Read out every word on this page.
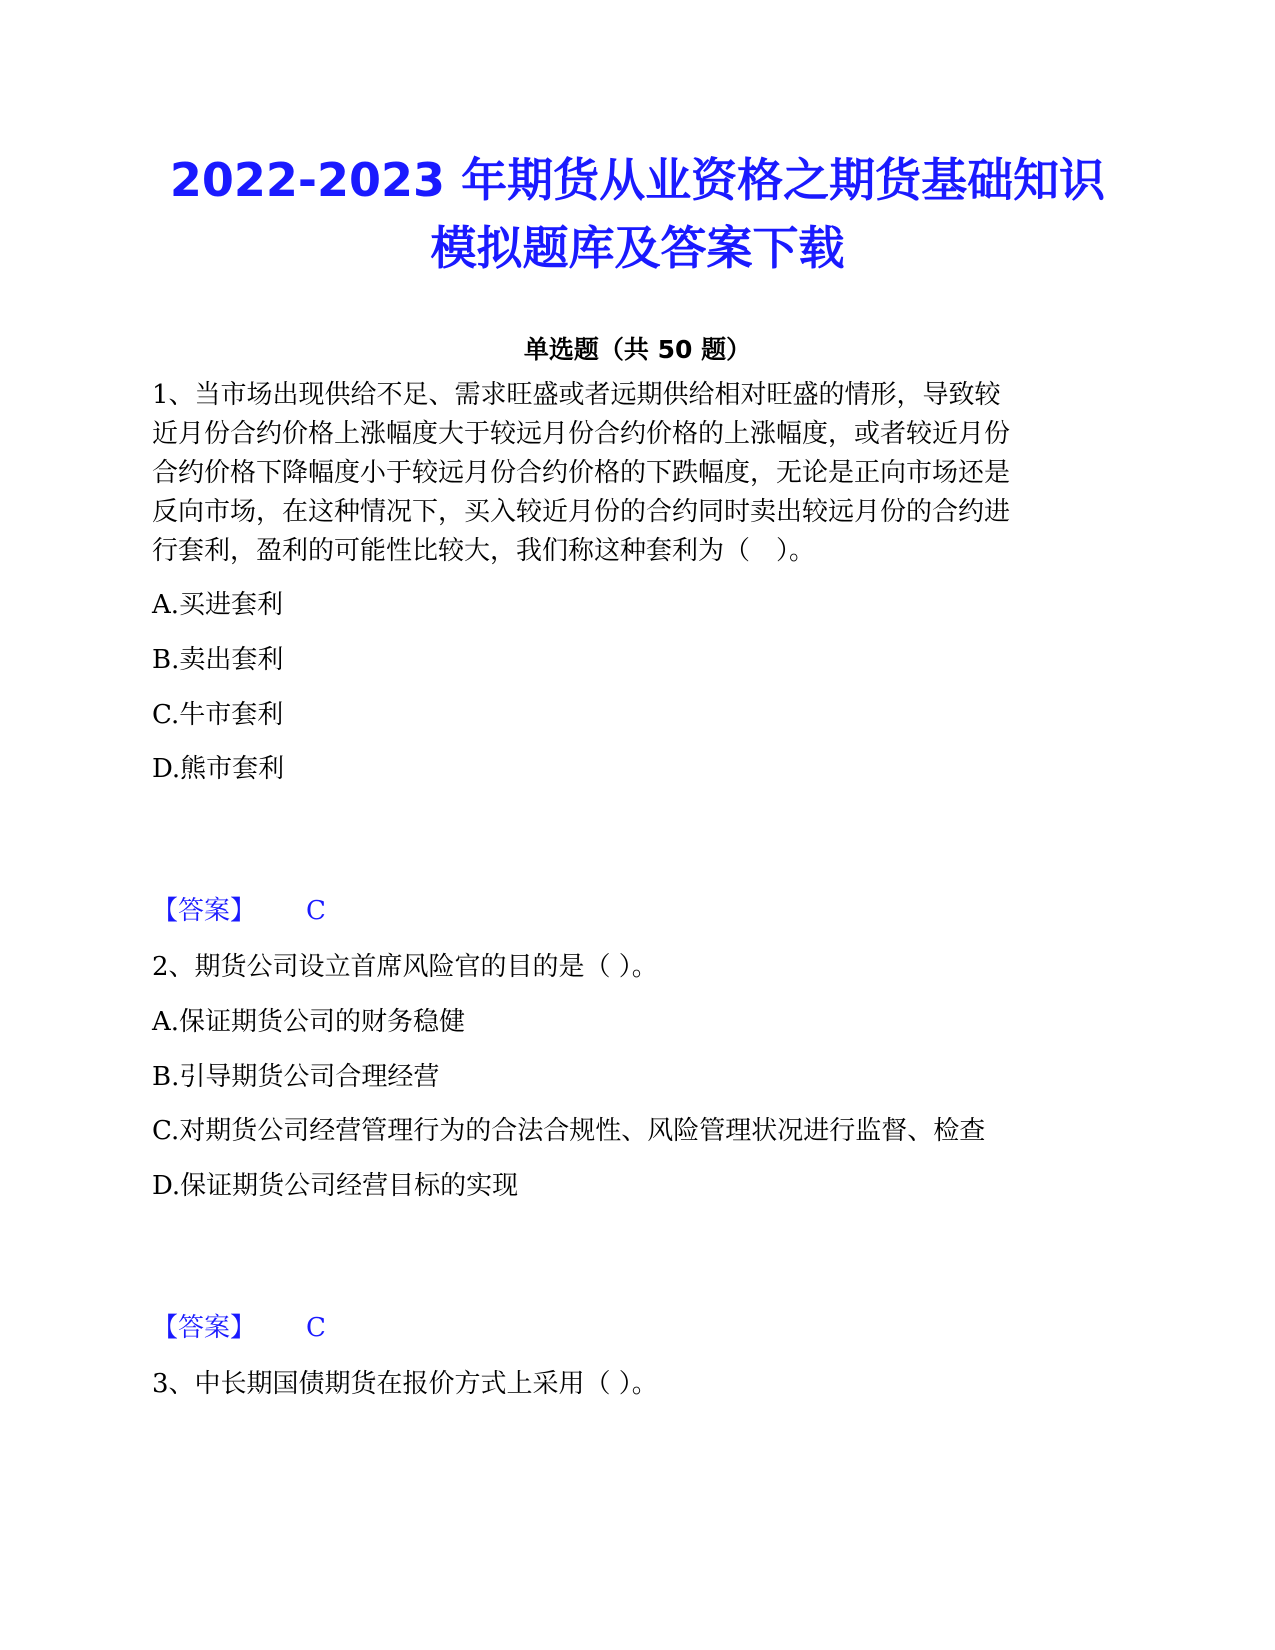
2022-2023 年期货从业资格之期货基础知识
模拟题库及答案下载
单选题（共 50 题）
1、当市场出现供给不足、需求旺盛或者远期供给相对旺盛的情形，导致较
近月份合约价格上涨幅度大于较远月份合约价格的上涨幅度，或者较近月份
合约价格下降幅度小于较远月份合约价格的下跌幅度，无论是正向市场还是
反向市场，在这种情况下，买入较近月份的合约同时卖出较远月份的合约进
行套利，盈利的可能性比较大，我们称这种套利为（　）。
A.买进套利
B.卖出套利
C.牛市套利
D.熊市套利
【答案】 C
2、期货公司设立首席风险官的目的是（ ）。
A.保证期货公司的财务稳健
B.引导期货公司合理经营
C.对期货公司经营管理行为的合法合规性、风险管理状况进行监督、检查
D.保证期货公司经营目标的实现
【答案】 C
3、中长期国债期货在报价方式上采用（ ）。
